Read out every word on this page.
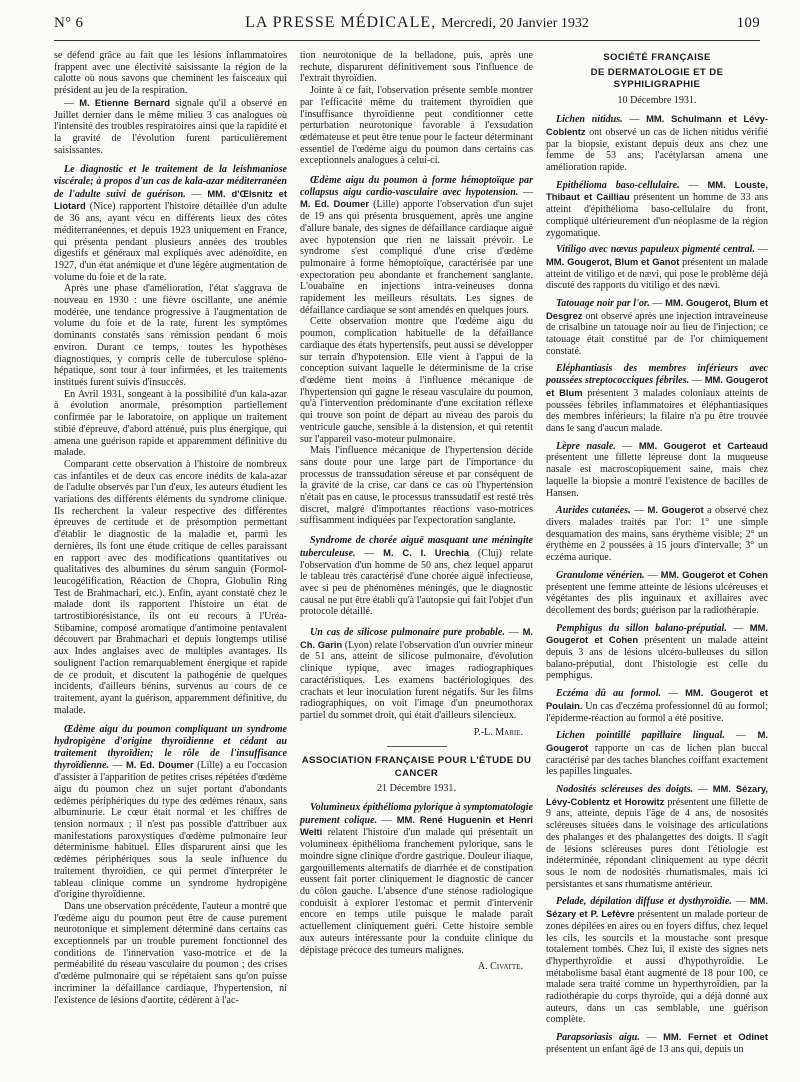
N° 6	LA PRESSE MÉDICALE, Mercredi, 20 Janvier 1932	109

se défend grâce au fait que les lésions inflammatoires frappent avec une électivité saisissante la région de la calotte où nous savons que cheminent les faisceaux qui président au jeu de la respiration.

— M. Etienne Bernard signale qu'il a observé en Juillet dernier dans le même milieu 3 cas analogues où l'intensité des troubles respiratoires ainsi que la rapidité et la gravité de l'évolution furent particulièrement saisissantes.

Le diagnostic et le traitement de la leishmaniose viscérale; à propos d'un cas de kala-azar méditerranéen de l'adulte suivi de guérison. — MM. d'Œlsnitz et Liotard (Nice) rapportent l'histoire détaillée d'un adulte de 36 ans, ayant vécu en différents lieux des côtes méditerranéennes, et depuis 1923 uniquement en France, qui présenta pendant plusieurs années des troubles digestifs et généraux mal expliqués avec adénoïdite, en 1927, d'un état anémique et d'une légère augmentation de volume du foie et de la rate.

Après une phase d'amélioration, l'état s'aggrava de nouveau en 1930 : une fièvre oscillante, une anémie modérée, une tendance progressive à l'augmentation de volume du foie et de la rate, furent les symptômes dominants constatés sans rémission pendant 6 mois environ. Durant ce temps, toutes les hypothèses diagnostiques, y compris celle de tuberculose spléno-hépatique, sont tour à tour infirmées, et les traitements institués furent suivis d'insuccès.

En Avril 1931, songeant à la possibilité d'un kala-azar à évolution anormale, présomption partiellement confirmée par le laboratoire, on applique un traitement stibié d'épreuve, d'abord atténué, puis plus énergique, qui amena une guérison rapide et apparemment définitive du malade.

Comparant cette observation à l'histoire de nombreux cas infantiles et de deux cas encore inédits de kala-azar de l'adulte observés par l'un d'eux, les auteurs étudient les variations des différents éléments du syndrome clinique. Ils recherchent la valeur respective des différentes épreuves de certitude et de présomption permettant d'établir le diagnostic de la maladie et, parmi les dernières, ils font une étude critique de celles paraissant en rapport avec des modifications quantitatives ou qualitatives des albumines du sérum sanguin (Formol-leucogélification, Réaction de Chopra, Globulin Ring Test de Brahmachari, etc.). Enfin, ayant constaté chez le malade dont ils rapportent l'histoire un état de tartrostibiorésistance, ils ont eu recours à l'Uréa-Stibamine, composé aromatique d'antimoine pentavalent découvert par Brahmachari et depuis longtemps utilisé aux Indes anglaises avec de multiples avantages. Ils soulignent l'action remarquablement énergique et rapide de ce produit, et discutent la pathogénie de quelques incidents, d'ailleurs bénins, survenus au cours de ce traitement, ayant la guérison, apparemment définitive, du malade.

Œdème aigu du poumon compliquant un syndrome hydropigène d'origine thyroïdienne et cédant au traitement thyroïdien; le rôle de l'insuffisance thyroïdienne. — M. Ed. Doumer (Lille) a eu l'occasion d'assister à l'apparition de petites crises répétées d'œdème aigu du poumon chez un sujet portant d'abondants œdèmes périphériques du type des œdèmes rénaux, sans albuminurie. Le cœur était normal et les chiffres de tension normaux ; il n'est pas possible d'attribuer aux manifestations paroxystiques d'œdème pulmonaire leur déterminisme habituel. Elles disparurent ainsi que les œdèmes périphériques sous la seule influence du traitement thyroïdien, ce qui permet d'interpréter le tableau clinique comme un syndrome hydropigène d'origine thyroïdienne.

Dans une observation précédente, l'auteur a montré que l'œdème aigu du poumon peut être de cause purement neurotonique et simplement déterminé dans certains cas exceptionnels par un trouble purement fonctionnel des conditions de l'innervation vaso-motrice et de la perméabilité du réseau vasculaire du poumon ; des crises d'œdème pulmonaire qui se répétaient sans qu'on puisse incriminer la défaillance cardiaque, l'hypertension, ni l'existence de lésions d'aortite, cédèrent à l'ac-

tion neurotonique de la belladone, puis, après une rechute, disparurent définitivement sous l'influence de l'extrait thyroïdien.

Jointe à ce fait, l'observation présente semble montrer par l'efficacité même du traitement thyroïdien que l'insuffisance thyroïdienne peut conditionner cette perturbation neurotonique favorable à l'exsudation œdémateuse et peut être tenue pour le facteur déterminant essentiel de l'œdème aigu du poumon dans certains cas exceptionnels analogues à celui-ci.

Œdème aigu du poumon à forme hémoptoïque par collapsus aigu cardio-vasculaire avec hypotension. — M. Ed. Doumer (Lille) apporte l'observation d'un sujet de 19 ans qui présenta brusquement, après une angine d'allure banale, des signes de défaillance cardiaque aiguë avec hypotension que rien ne laissait prévoir. Le syndrome s'est compliqué d'une crise d'œdème pulmonaire à forme hémoptoïque, caractérisée par une expectoration peu abondante et franchement sanglante. L'ouabaïne en injections intra-veineuses donna rapidement les meilleurs résultats. Les signes de défaillance cardiaque se sont amendés en quelques jours.

Cette observation montre que l'œdème aigu du poumon, complication habituelle de la défaillance cardiaque des états hypertensifs, peut aussi se développer sur terrain d'hypotension. Elle vient à l'appui de la conception suivant laquelle le déterminisme de la crise d'œdème tient moins à l'influence mécanique de l'hypertension qui gagne le réseau vasculaire du poumon, qu'à l'intervention prédominante d'une excitation réflexe qui trouve son point de départ au niveau des parois du ventricule gauche, sensible à la distension, et qui retentit sur l'appareil vaso-moteur pulmonaire.

Mais l'influence mécanique de l'hypertension décide sans doute pour une large part de l'importance du processus de transsudation séreuse et par conséquent de la gravité de la crise, car dans ce cas où l'hypertension n'était pas en cause, le processus transsudatif est resté très discret, malgré d'importantes réactions vaso-motrices suffisamment indiquées par l'expectoration sanglante.

Syndrome de chorée aiguë masquant une méningite tuberculeuse. — M. C. I. Urechia (Cluj) relate l'observation d'un homme de 50 ans, chez lequel apparut le tableau très caractérisé d'une chorée aiguë infectieuse, avec si peu de phénomènes méningés, que le diagnostic causal ne put être établi qu'à l'autopsie qui fait l'objet d'un protocole détaillé.

Un cas de silicose pulmonaire pure probable. — M. Ch. Garin (Lyon) relate l'observation d'un ouvrier mineur de 51 ans, atteint de silicose pulmonaire, d'évolution clinique typique, avec images radiographiques caractéristiques. Les examens bactériologiques des crachats et leur inoculation furent négatifs. Sur les films radiographiques, on voit l'image d'un pneumothorax partiel du sommet droit, qui était d'ailleurs silencieux.

P.-L. Marie.
ASSOCIATION FRANÇAISE POUR L'ÉTUDE DU CANCER
21 Décembre 1931.

Volumineux épithélioma pylorique à symptomatologie purement colique. — MM. René Huguenin et Henri Welti relatent l'histoire d'un malade qui présentait un volumineux épithélioma franchement pylorique, sans le moindre signe clinique d'ordre gastrique. Douleur iliaque, gargouillements alternatifs de diarrhée et de constipation eussent fait porter cliniquement le diagnostic de cancer du côlon gauche. L'absence d'une sténose radiologique conduisit à explorer l'estomac et permit d'intervenir encore en temps utile puisque le malade paraît actuellement cliniquement guéri. Cette histoire semble aux auteurs intéressante pour la conduite clinique du dépistage précoce des tumeurs malignes.

A. Civatte.
SOCIÉTÉ FRANÇAISE
DE DERMATOLOGIE ET DE SYPHILIGRAPHIE
10 Décembre 1931.

Lichen nitidus. — MM. Schulmann et Lévy-Coblentz ont observé un cas de lichen nitidus vérifié par la biopsie, existant depuis deux ans chez une femme de 53 ans; l'acétylarsan amena une amélioration rapide.

Epithélioma baso-cellulaire. — MM. Louste, Thibaut et Cailliau présentent un homme de 33 ans atteint d'épithélioma baso-cellulaire du front, compliqué ultérieurement d'un néoplasme de la région zygomatique.

Vitiligo avec nævus papuleux pigmenté central. — MM. Gougerot, Blum et Ganot présentent un malade atteint de vitiligo et de nævi, qui pose le problème déjà discuté des rapports du vitiligo et des nævi.

Tatouage noir par l'or. — MM. Gougerot, Blum et Desgrez ont observé après une injection intraveineuse de crisalbine un tatouage noir au lieu de l'injection; ce tatouage était constitué par de l'or chimiquement constaté.

Eléphantiasis des membres inférieurs avec poussées streptococciques fébriles. — MM. Gougerot et Blum présentent 3 malades coloniaux atteints de poussées fébriles inflammatoires et éléphantiasiques des membres inférieurs; la filaire n'a pu être trouvée dans le sang d'aucun malade.

Lèpre nasale. — MM. Gougerot et Carteaud présentent une fillette lépreuse dont la muqueuse nasale est macroscopiquement saine, mais chez laquelle la biopsie a montré l'existence de bacilles de Hansen.

Aurides cutanées. — M. Gougerot a observé chez divers malades traités par l'or: 1° une simple desquamation des mains, sans érythème visible; 2° un érythème en 2 poussées à 15 jours d'intervalle; 3° un eczéma aurique.

Granulome vénérien. — MM. Gougerot et Cohen présentent une femme atteinte de lésions ulcéreuses et végétantes des plis inguinaux et axillaires avec décollement des bords; guérison par la radiothérapie.

Pemphigus du sillon balano-préputial. — MM. Gougerot et Cohen présentent un malade atteint depuis 3 ans de lésions ulcéro-bulleuses du sillon balano-préputial, dont l'histologie est celle du pemphigus.

Eczéma dû au formol. — MM. Gougerot et Poulain. Un cas d'eczéma professionnel dû au formol; l'épiderme-réaction au formol a été positive.

Lichen pointillé papillaire lingual. — M. Gougerot rapporte un cas de lichen plan buccal caractérisé par des taches blanches coiffant exactement les papilles linguales.

Nodosités scléreuses des doigts. — MM. Sézary, Lévy-Coblentz et Horowitz présentent une fillette de 9 ans, atteinte, depuis l'âge de 4 ans, de nososités scléreuses situées dans le voisinage des articulations des phalanges et des phalangettes des doigts. Il s'agit de lésions scléreuses pures dont l'étiologie est indéterminée, répondant cliniquement au type décrit sous le nom de nodosités rhumatismales, mais ici persistantes et sans rhumatisme antérieur.

Pelade, dépilation diffuse et dysthyroïdie. — MM. Sézary et P. Lefèvre présentent un malade porteur de zones dépilées en aires ou en foyers diffus, chez lequel les cils, les sourcils et la moustache sont presque totalement tombés. Chez lui, il existe des signes nets d'hyperthyroïdie et aussi d'hypothyroïdie. Le métabolisme basal étant augmenté de 18 pour 100, ce malade sera traité comme un hyperthyroïdien, par la radiothérapie du corps thyroïde, qui a déjà donné aux auteurs, dans un cas semblable, une guérison complète.

Parapsoriasis aigu. — MM. Fernet et Odinet présentent un enfant âgé de 13 ans qui, depuis un
